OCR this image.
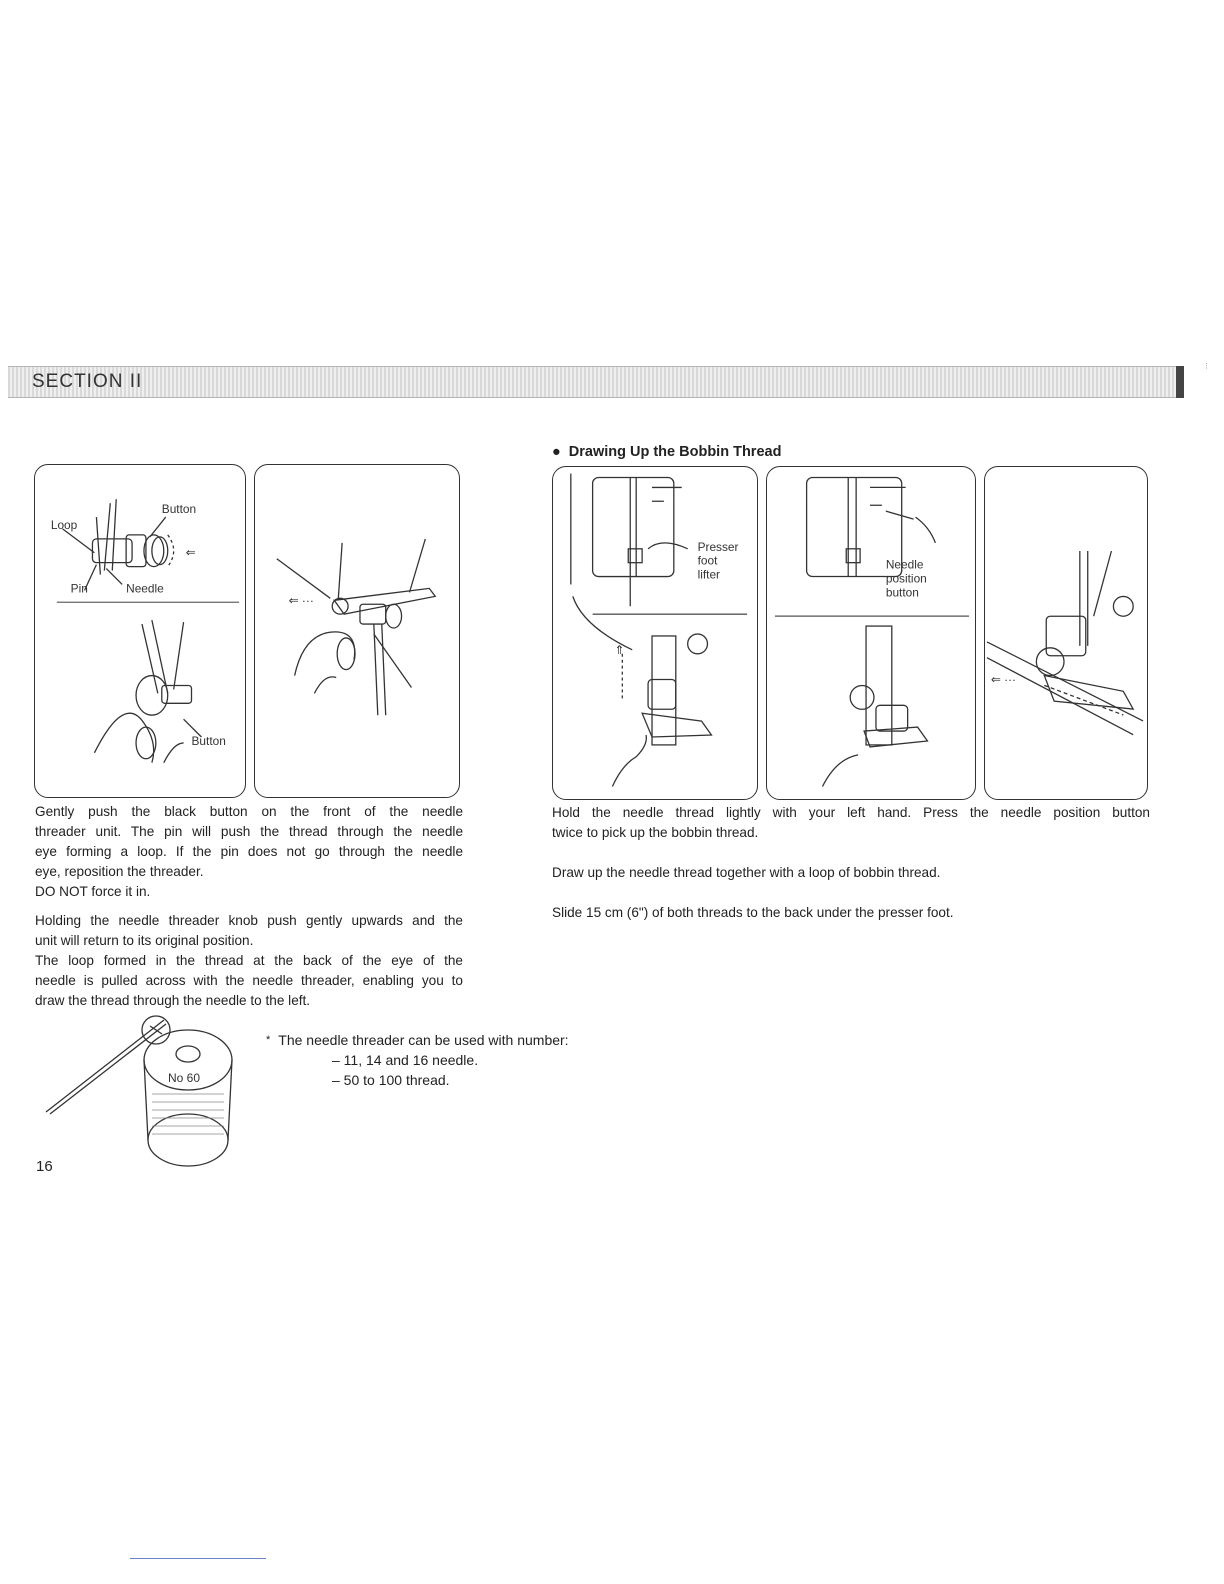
SECTION II
⋮
● Drawing Up the Bobbin Thread
Button
Loop
⇐
Pin	Needle
Button
⇐ ···
No 60
Presser
foot
lifter
⇑
Needle
position
button
⇐ ···

Gently push the black button on the front of the needle

threader unit. The pin will push the thread through the needle

eye forming a loop. If the pin does not go through the needle

eye, reposition the threader.

DO NOT force it in.

Holding the needle threader knob push gently upwards and the

unit will return to its original position.

The loop formed in the thread at the back of the eye of the

needle is pulled across with the needle threader, enabling you to

draw the thread through the needle to the left.

Hold the needle thread lightly with your left hand. Press the needle position button

twice to pick up the bobbin thread.

Draw up the needle thread together with a loop of bobbin thread.

Slide 15 cm (6") of both threads to the back under the presser foot.

* The needle threader can be used with number:
– 11, 14 and 16 needle.
– 50 to 100 thread.
16
